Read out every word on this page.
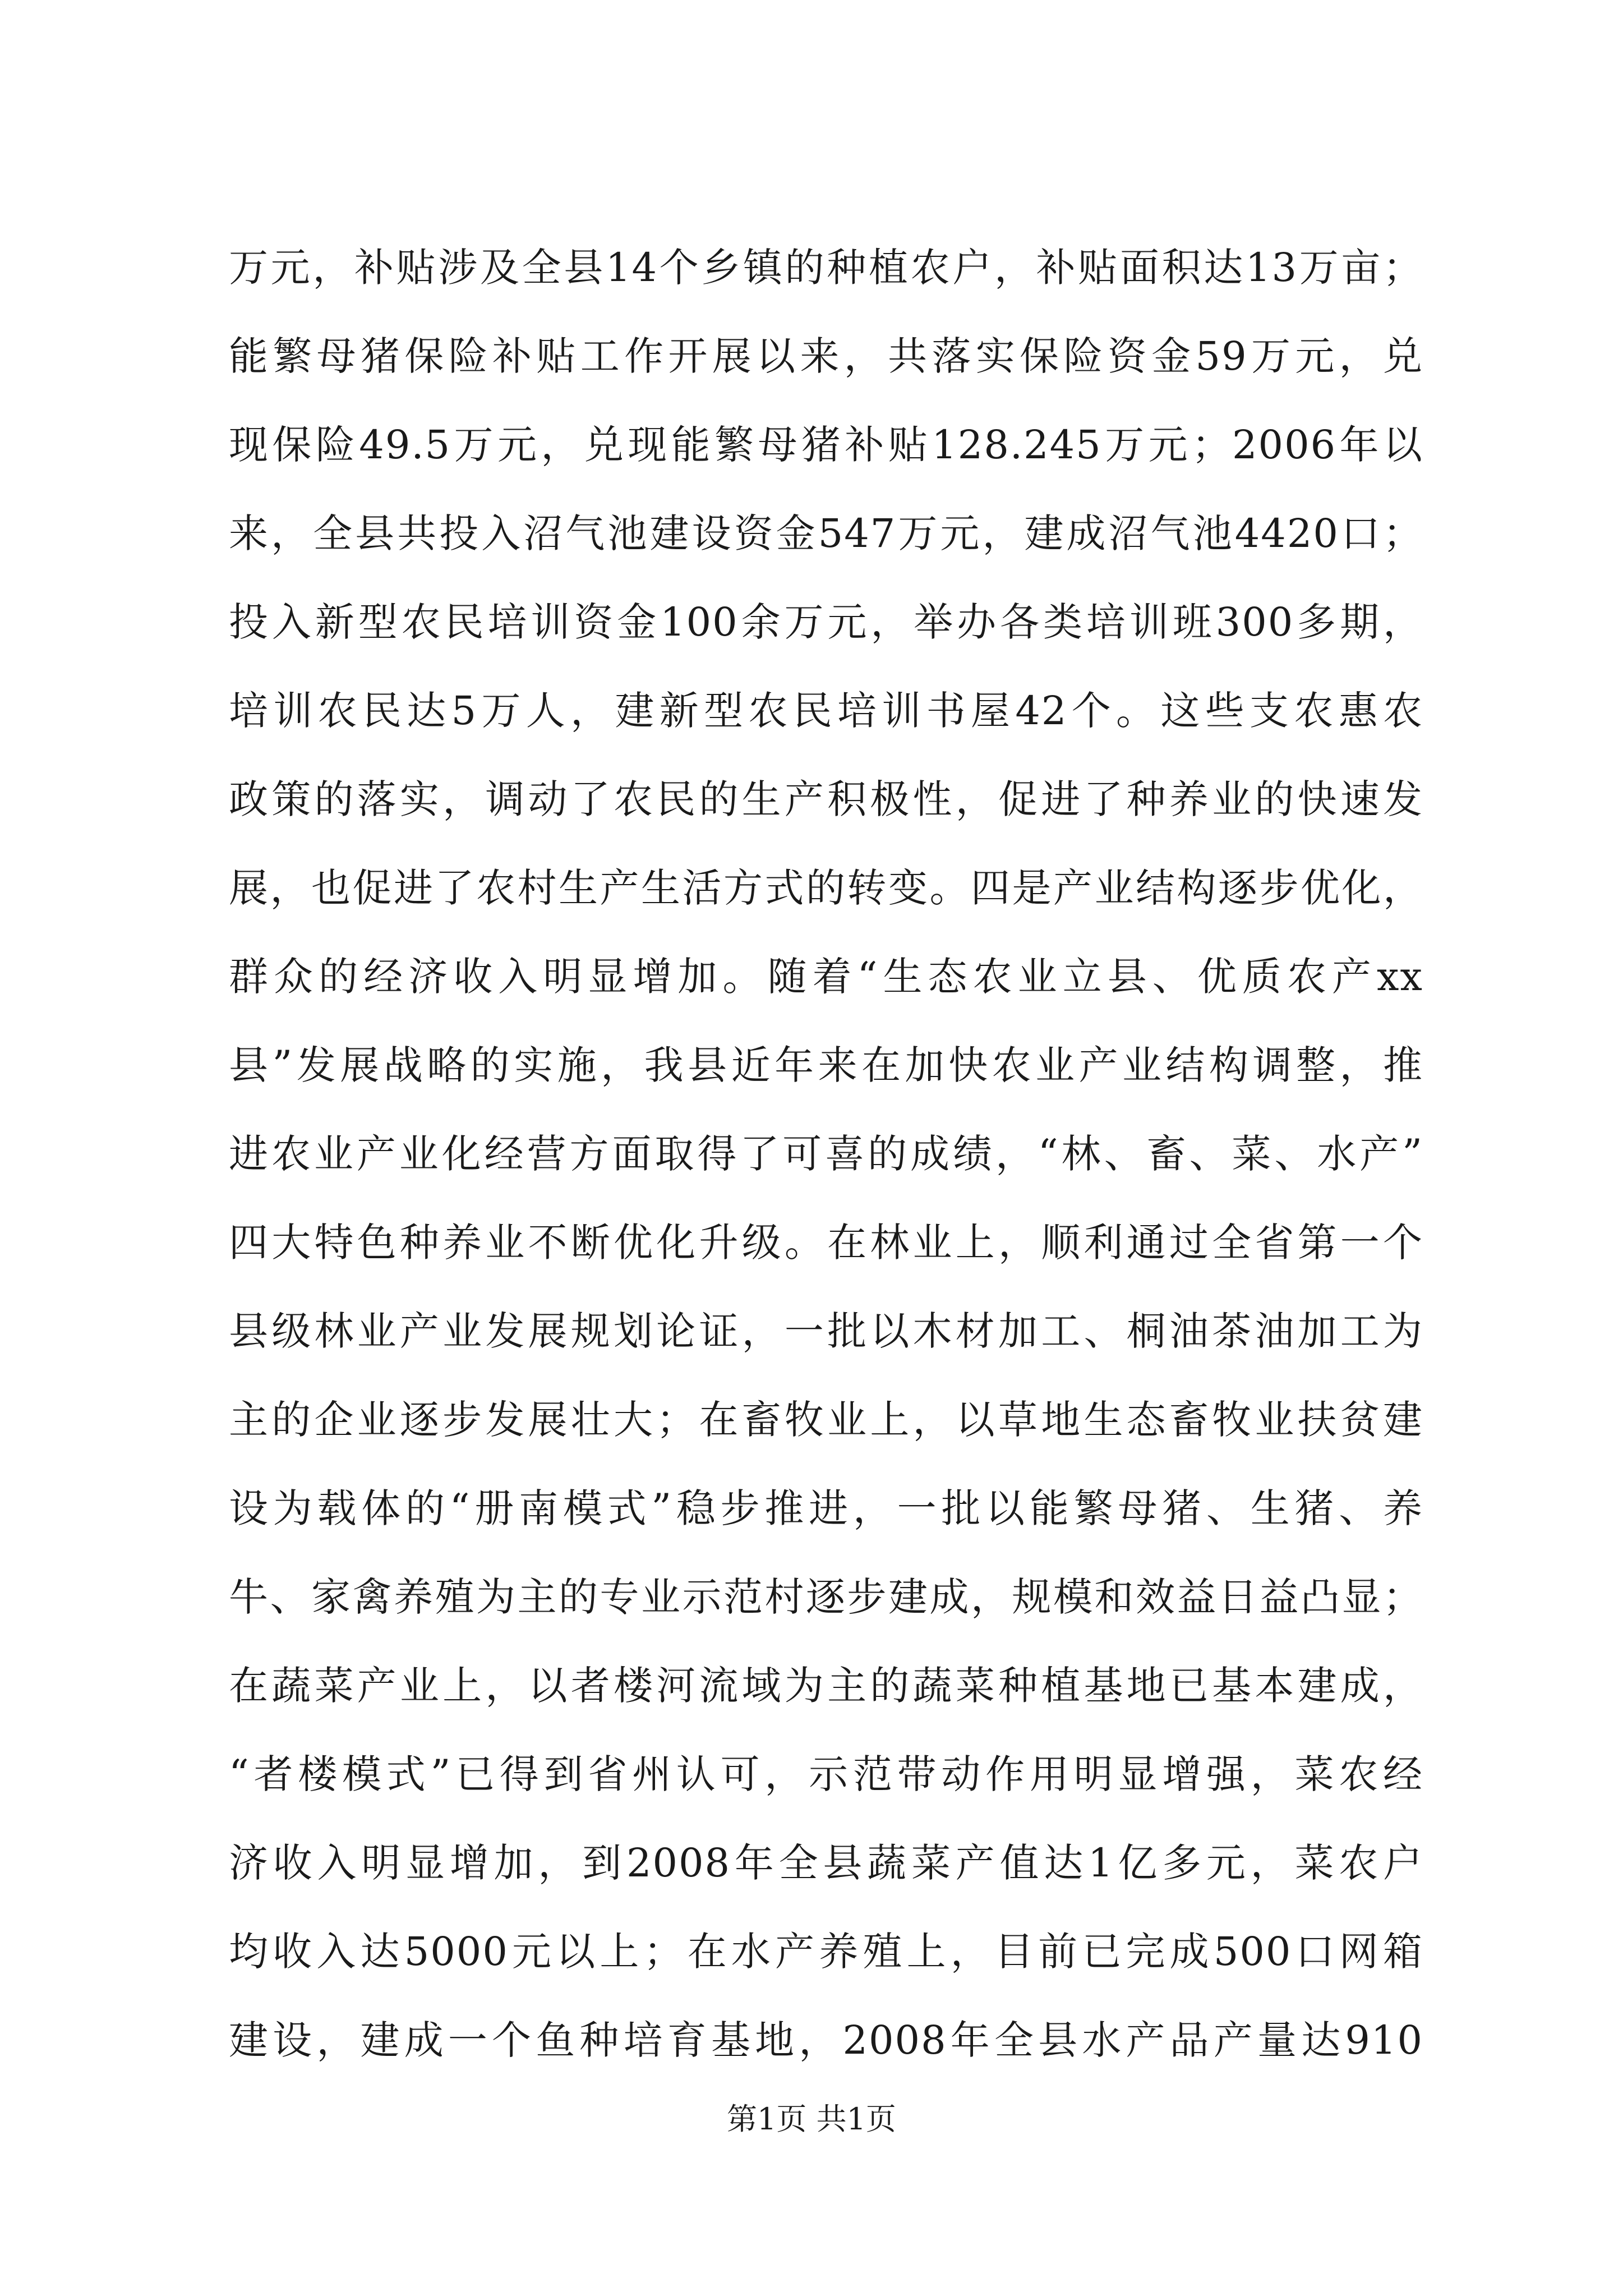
万元，补贴涉及全县14个乡镇的种植农户，补贴面积达13万亩；
能繁母猪保险补贴工作开展以来，共落实保险资金59万元，兑
现保险49.5万元，兑现能繁母猪补贴128.245万元；2006年以
来，全县共投入沼气池建设资金547万元，建成沼气池4420口；
投入新型农民培训资金100余万元，举办各类培训班300多期，
培训农民达5万人，建新型农民培训书屋42个。这些支农惠农
政策的落实，调动了农民的生产积极性，促进了种养业的快速发
展，也促进了农村生产生活方式的转变。四是产业结构逐步优化，
群众的经济收入明显增加。随着“生态农业立县、优质农产xx
县”发展战略的实施，我县近年来在加快农业产业结构调整，推
进农业产业化经营方面取得了可喜的成绩，“林、畜、菜、水产”
四大特色种养业不断优化升级。在林业上，顺利通过全省第一个
县级林业产业发展规划论证，一批以木材加工、桐油茶油加工为
主的企业逐步发展壮大；在畜牧业上，以草地生态畜牧业扶贫建
设为载体的“册南模式”稳步推进，一批以能繁母猪、生猪、养
牛、家禽养殖为主的专业示范村逐步建成，规模和效益日益凸显；
在蔬菜产业上，以者楼河流域为主的蔬菜种植基地已基本建成，
“者楼模式”已得到省州认可，示范带动作用明显增强，菜农经
济收入明显增加，到2008年全县蔬菜产值达1亿多元，菜农户
均收入达5000元以上；在水产养殖上，目前已完成500口网箱
建设，建成一个鱼种培育基地，2008年全县水产品产量达910
第1页 共1页
